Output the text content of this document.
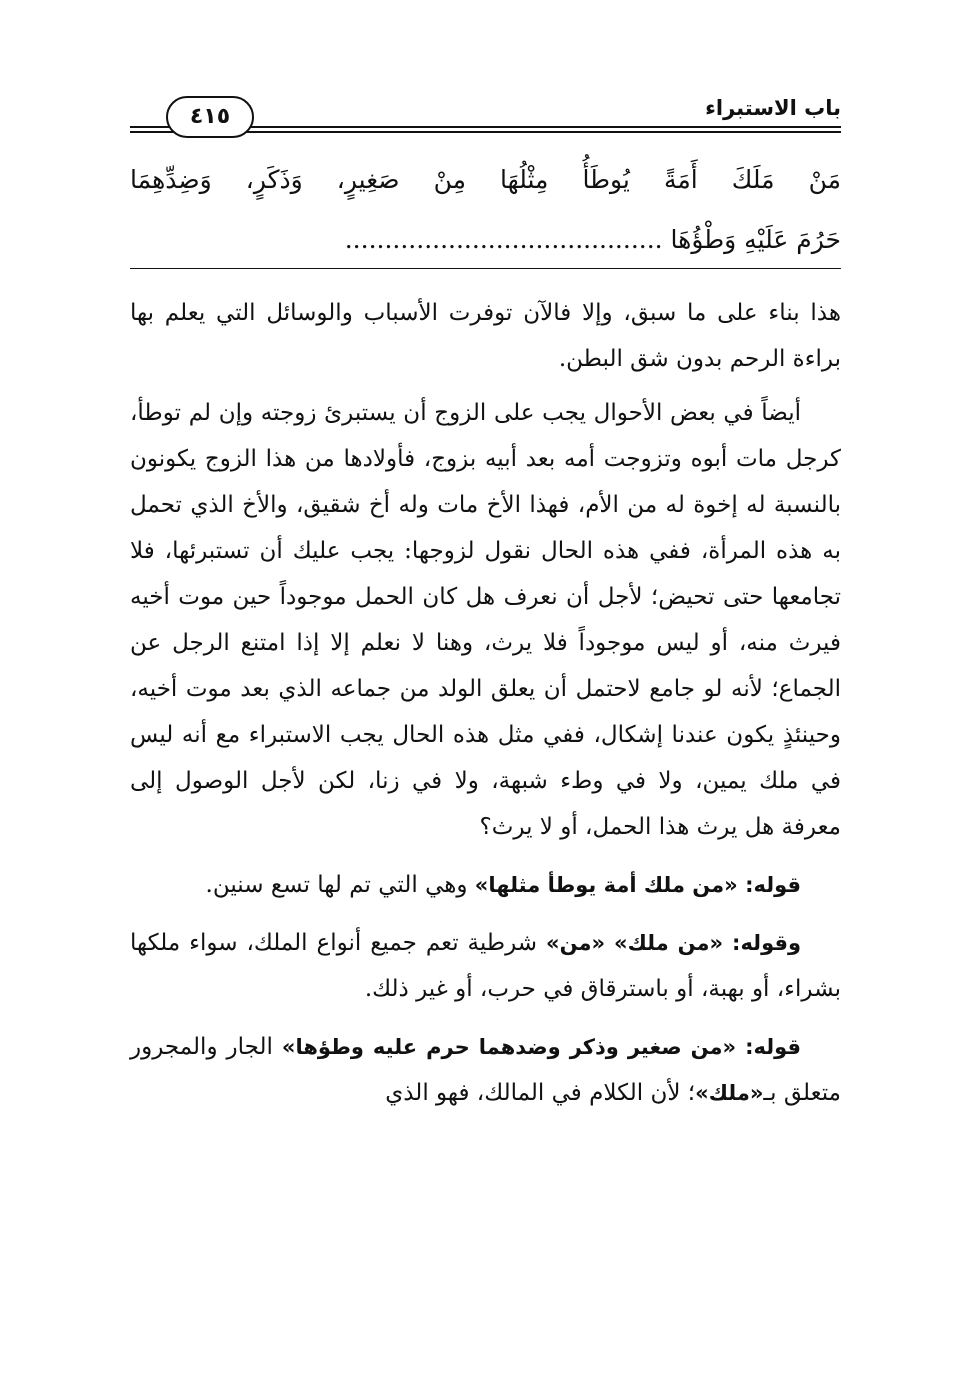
باب الاستبراء
٤١٥

مَنْ مَلَكَ أَمَةً يُوطَأُ مِثْلُهَا مِنْ صَغِيرٍ، وَذَكَرٍ، وَضِدِّهِمَا

حَرُمَ عَلَيْهِ وَطْؤُهَا ........................................

هذا بناء على ما سبق، وإلا فالآن توفرت الأسباب والوسائل التي يعلم بها براءة الرحم بدون شق البطن.

أيضاً في بعض الأحوال يجب على الزوج أن يستبرئ زوجته وإن لم توطأ، كرجل مات أبوه وتزوجت أمه بعد أبيه بزوج، فأولادها من هذا الزوج يكونون بالنسبة له إخوة له من الأم، فهذا الأخ مات وله أخ شقيق، والأخ الذي تحمل به هذه المرأة، ففي هذه الحال نقول لزوجها: يجب عليك أن تستبرئها، فلا تجامعها حتى تحيض؛ لأجل أن نعرف هل كان الحمل موجوداً حين موت أخيه فيرث منه، أو ليس موجوداً فلا يرث، وهنا لا نعلم إلا إذا امتنع الرجل عن الجماع؛ لأنه لو جامع لاحتمل أن يعلق الولد من جماعه الذي بعد موت أخيه، وحينئذٍ يكون عندنا إشكال، ففي مثل هذه الحال يجب الاستبراء مع أنه ليس في ملك يمين، ولا في وطء شبهة، ولا في زنا، لكن لأجل الوصول إلى معرفة هل يرث هذا الحمل، أو لا يرث؟

قوله: «من ملك أمة يوطأ مثلها» وهي التي تم لها تسع سنين.

وقوله: «من ملك» «من» شرطية تعم جميع أنواع الملك، سواء ملكها بشراء، أو بهبة، أو باسترقاق في حرب، أو غير ذلك.

قوله: «من صغير وذكر وضدهما حرم عليه وطؤها» الجار والمجرور متعلق بـ«ملك»؛ لأن الكلام في المالك، فهو الذي
